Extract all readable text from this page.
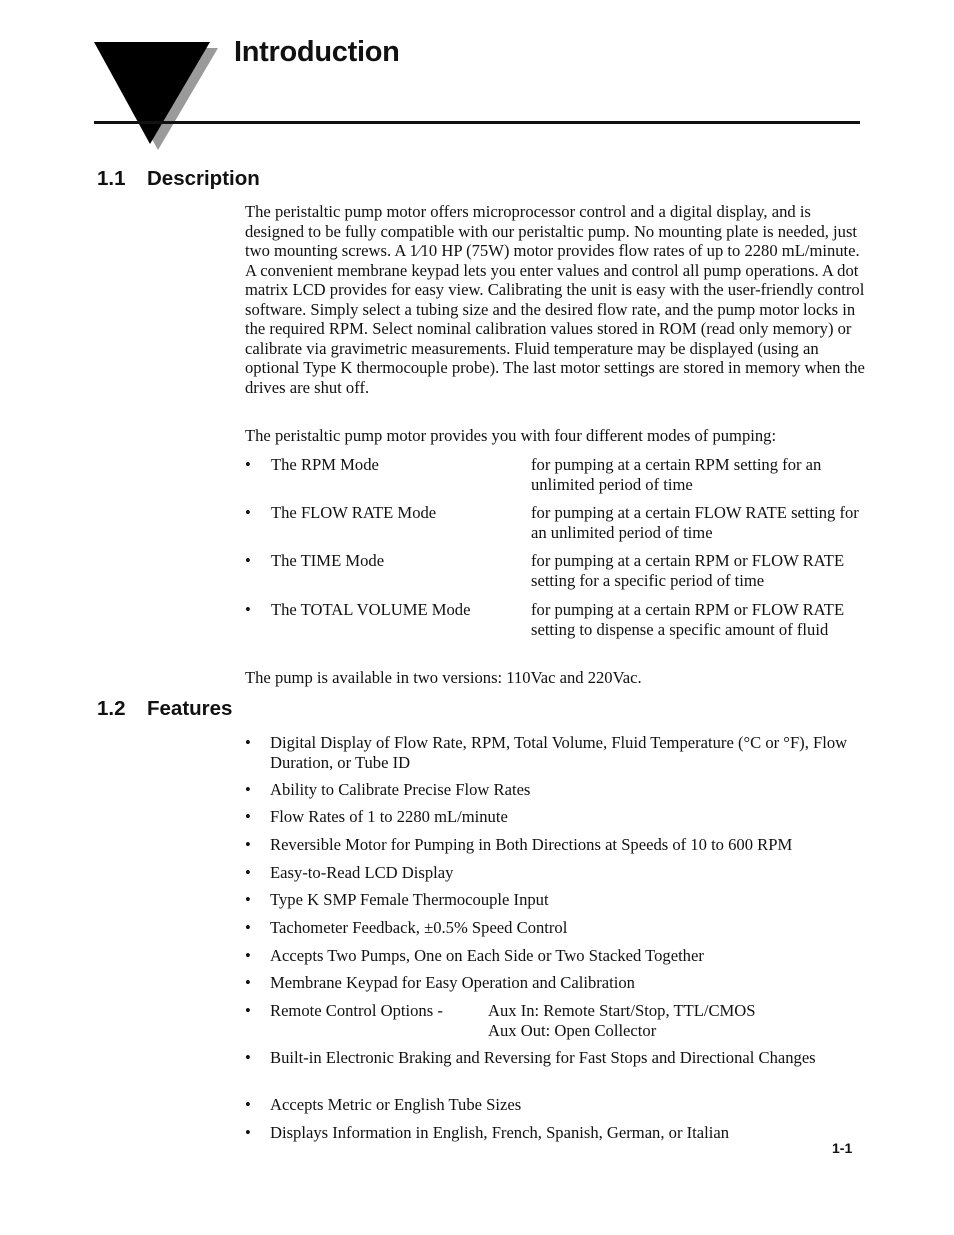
Introduction
1.1 Description

The peristaltic pump motor offers microprocessor control and a digital display, and is designed to be fully compatible with our peristaltic pump. No mounting plate is needed, just two mounting screws. A 1⁄10 HP (75W) motor provides flow rates of up to 2280 mL/minute. A convenient membrane keypad lets you enter values and control all pump operations. A dot matrix LCD provides for easy view. Calibrating the unit is easy with the user-friendly control software. Simply select a tubing size and the desired flow rate, and the pump motor locks in the required RPM. Select nominal calibration values stored in ROM (read only memory) or calibrate via gravimetric measurements. Fluid temperature may be displayed (using an optional Type K thermocouple probe). The last motor settings are stored in memory when the drives are shut off.

The peristaltic pump motor provides you with four different modes of pumping:

• The RPM Mode	for pumping at a certain RPM setting for an unlimited period of time
• The FLOW RATE Mode	for pumping at a certain FLOW RATE setting for an unlimited period of time
• The TIME Mode	for pumping at a certain RPM or FLOW RATE setting for a specific period of time
• The TOTAL VOLUME Mode	for pumping at a certain RPM or FLOW RATE setting to dispense a specific amount of fluid

The pump is available in two versions: 110Vac and 220Vac.

1.2 Features
• Digital Display of Flow Rate, RPM, Total Volume, Fluid Temperature (°C or °F), Flow Duration, or Tube ID
• Ability to Calibrate Precise Flow Rates
• Flow Rates of 1 to 2280 mL/minute
• Reversible Motor for Pumping in Both Directions at Speeds of 10 to 600 RPM
• Easy-to-Read LCD Display
• Type K SMP Female Thermocouple Input
• Tachometer Feedback, ±0.5% Speed Control
• Accepts Two Pumps, One on Each Side or Two Stacked Together
• Membrane Keypad for Easy Operation and Calibration
• Remote Control Options -	Aux In: Remote Start/Stop, TTL/CMOS
Aux Out: Open Collector
• Built-in Electronic Braking and Reversing for Fast Stops and Directional Changes
• Accepts Metric or English Tube Sizes
• Displays Information in English, French, Spanish, German, or Italian
1-1
